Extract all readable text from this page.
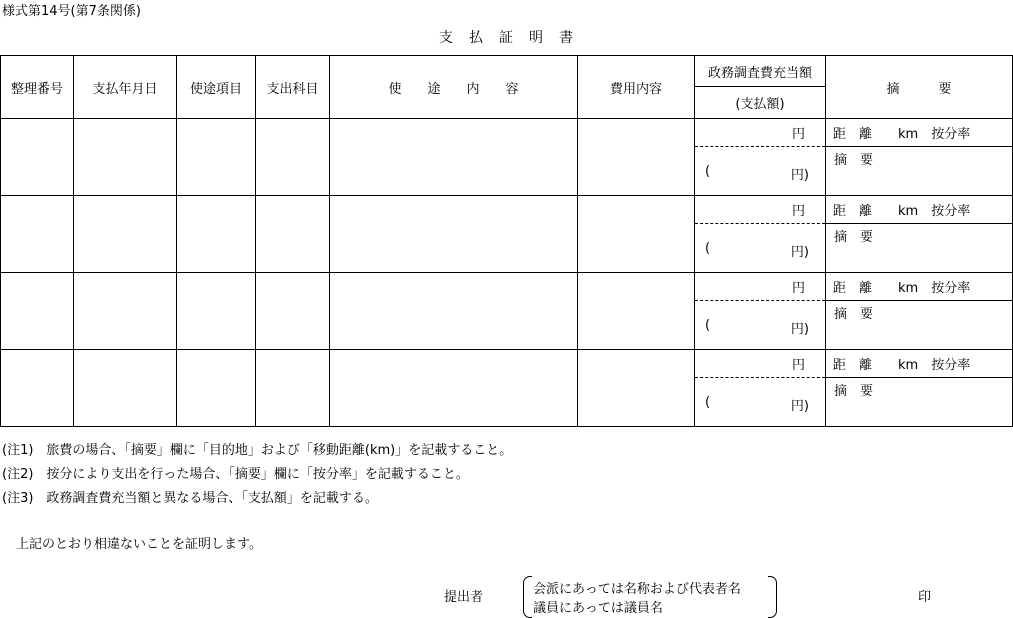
様式第14号(第7条関係)
支　払　証　明　書
整理番号	支払年月日	使途項目	支出科目	使　　途　　内　　容	費用内容	政務調査費充当額	摘　　　要
						(支払額)	
						円	距　離　　km　按分率

						( 円)	摘　要
						円	距　離　　km　按分率

						( 円)	摘　要
						円	距　離　　km　按分率

						( 円)	摘　要
						円	距　離　　km　按分率

						( 円)	摘　要
(注1)　旅費の場合、「摘要」欄に「目的地」および「移動距離(km)」を記載すること。
(注2)　按分により支出を行った場合、「摘要」欄に「按分率」を記載すること。
(注3)　政務調査費充当額と異なる場合、「支払額」を記載する。
上記のとおり相違ないことを証明します。
提出者
会派にあっては名称および代表者名
議員にあっては議員名
印
